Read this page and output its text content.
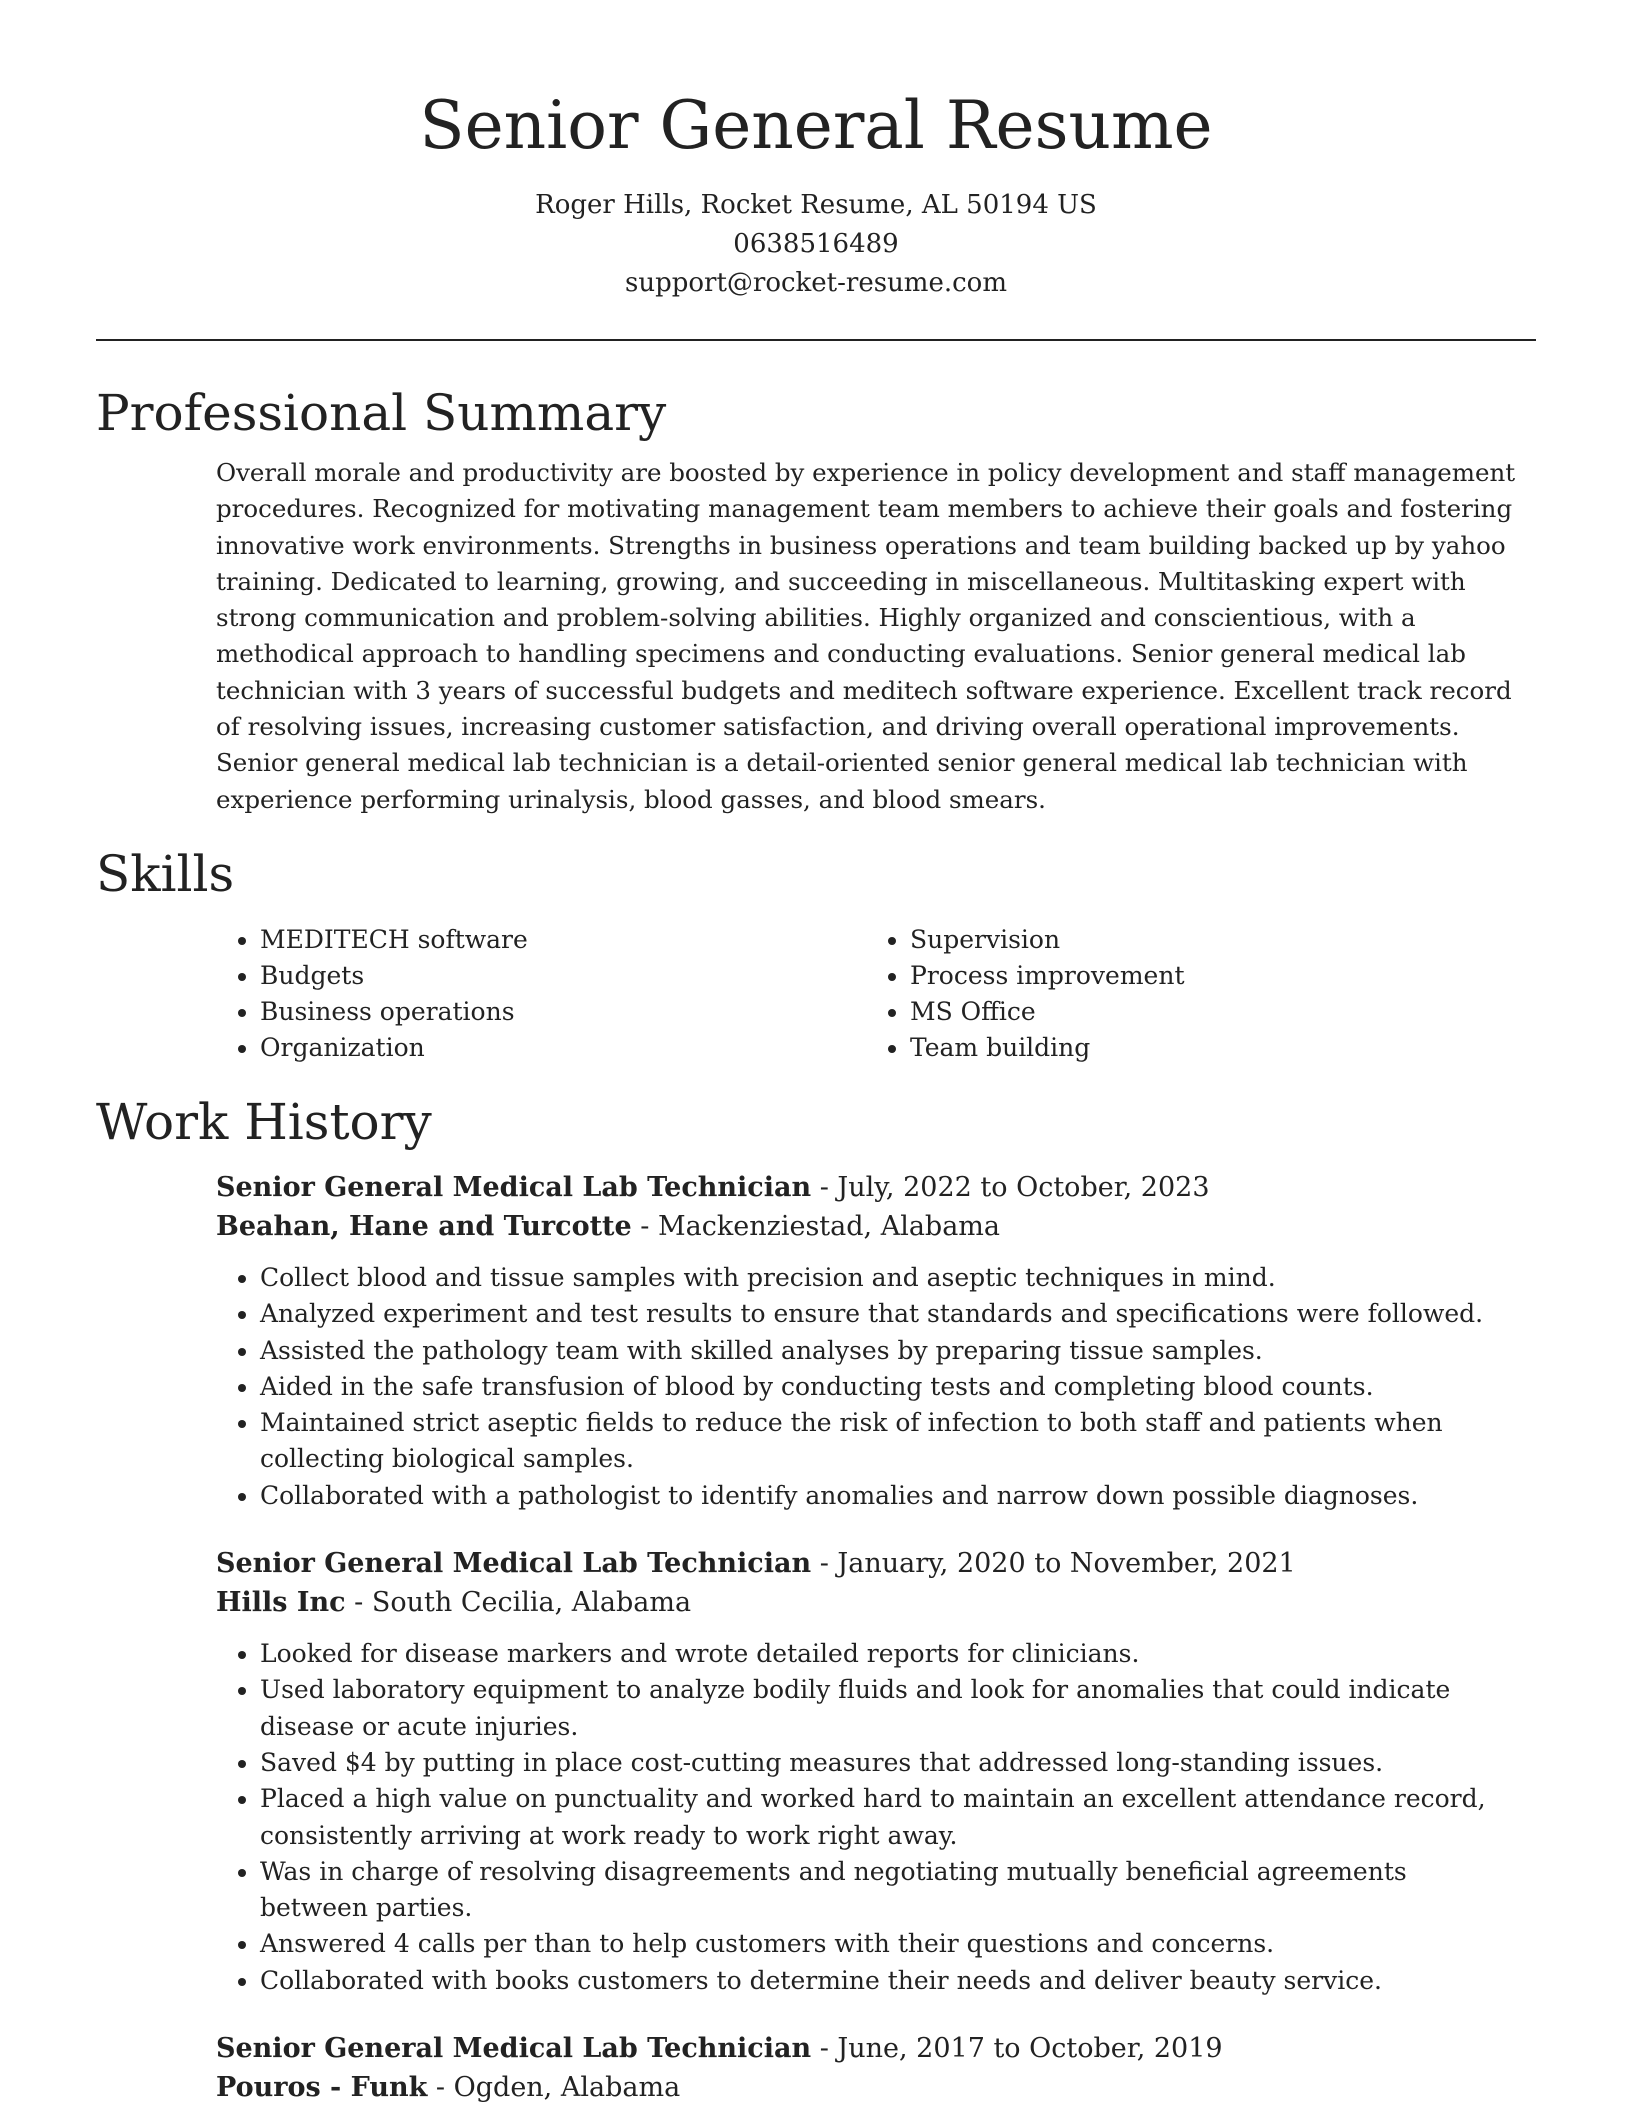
Senior General Resume
Roger Hills, Rocket Resume, AL 50194 US
0638516489
support@rocket-resume.com
Professional Summary

Overall morale and productivity are boosted by experience in policy development and staff management procedures. Recognized for motivating management team members to achieve their goals and fostering innovative work environments. Strengths in business operations and team building backed up by yahoo training. Dedicated to learning, growing, and succeeding in miscellaneous. Multitasking expert with strong communication and problem-solving abilities. Highly organized and conscientious, with a methodical approach to handling specimens and conducting evaluations. Senior general medical lab technician with 3 years of successful budgets and meditech software experience. Excellent track record of resolving issues, increasing customer satisfaction, and driving overall operational improvements. Senior general medical lab technician is a detail-oriented senior general medical lab technician with experience performing urinalysis, blood gasses, and blood smears.

Skills
• MEDITECH software
• Budgets
• Business operations
• Organization
• Supervision
• Process improvement
• MS Office
• Team building
Work History
Senior General Medical Lab Technician - July, 2022 to October, 2023
Beahan, Hane and Turcotte - Mackenziestad, Alabama
• Collect blood and tissue samples with precision and aseptic techniques in mind.
• Analyzed experiment and test results to ensure that standards and specifications were followed.
• Assisted the pathology team with skilled analyses by preparing tissue samples.
• Aided in the safe transfusion of blood by conducting tests and completing blood counts.
• Maintained strict aseptic fields to reduce the risk of infection to both staff and patients when collecting biological samples.
• Collaborated with a pathologist to identify anomalies and narrow down possible diagnoses.
Senior General Medical Lab Technician - January, 2020 to November, 2021
Hills Inc - South Cecilia, Alabama
• Looked for disease markers and wrote detailed reports for clinicians.
• Used laboratory equipment to analyze bodily fluids and look for anomalies that could indicate disease or acute injuries.
• Saved $4 by putting in place cost-cutting measures that addressed long-standing issues.
• Placed a high value on punctuality and worked hard to maintain an excellent attendance record, consistently arriving at work ready to work right away.
• Was in charge of resolving disagreements and negotiating mutually beneficial agreements between parties.
• Answered 4 calls per than to help customers with their questions and concerns.
• Collaborated with books customers to determine their needs and deliver beauty service.
Senior General Medical Lab Technician - June, 2017 to October, 2019
Pouros - Funk - Ogden, Alabama
